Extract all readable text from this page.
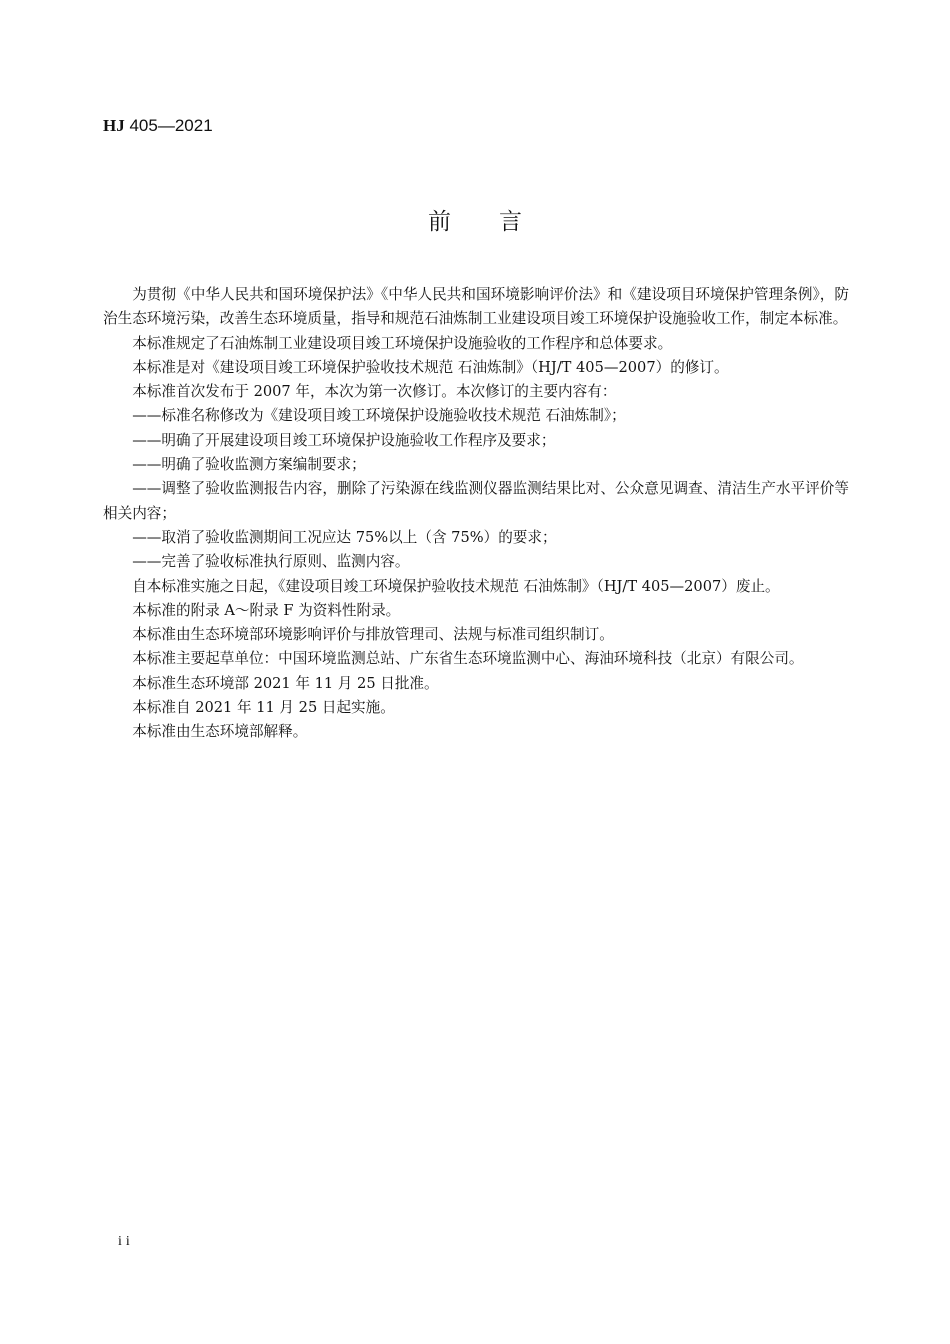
HJ 405—2021
前言

为贯彻《中华人民共和国环境保护法》《中华人民共和国环境影响评价法》和《建设项目环境保护管理条例》，防治生态环境污染，改善生态环境质量，指导和规范石油炼制工业建设项目竣工环境保护设施验收工作，制定本标准。

本标准规定了石油炼制工业建设项目竣工环境保护设施验收的工作程序和总体要求。

本标准是对《建设项目竣工环境保护验收技术规范 石油炼制》（HJ/T 405—2007）的修订。

本标准首次发布于 2007 年，本次为第一次修订。本次修订的主要内容有：

——标准名称修改为《建设项目竣工环境保护设施验收技术规范 石油炼制》；

——明确了开展建设项目竣工环境保护设施验收工作程序及要求；

——明确了验收监测方案编制要求；

——调整了验收监测报告内容，删除了污染源在线监测仪器监测结果比对、公众意见调查、清洁生产水平评价等相关内容；

——取消了验收监测期间工况应达 75%以上（含 75%）的要求；

——完善了验收标准执行原则、监测内容。

自本标准实施之日起，《建设项目竣工环境保护验收技术规范 石油炼制》（HJ/T 405—2007）废止。

本标准的附录 A～附录 F 为资料性附录。

本标准由生态环境部环境影响评价与排放管理司、法规与标准司组织制订。

本标准主要起草单位：中国环境监测总站、广东省生态环境监测中心、海油环境科技（北京）有限公司。

本标准生态环境部 2021 年 11 月 25 日批准。

本标准自 2021 年 11 月 25 日起实施。

本标准由生态环境部解释。

ii
